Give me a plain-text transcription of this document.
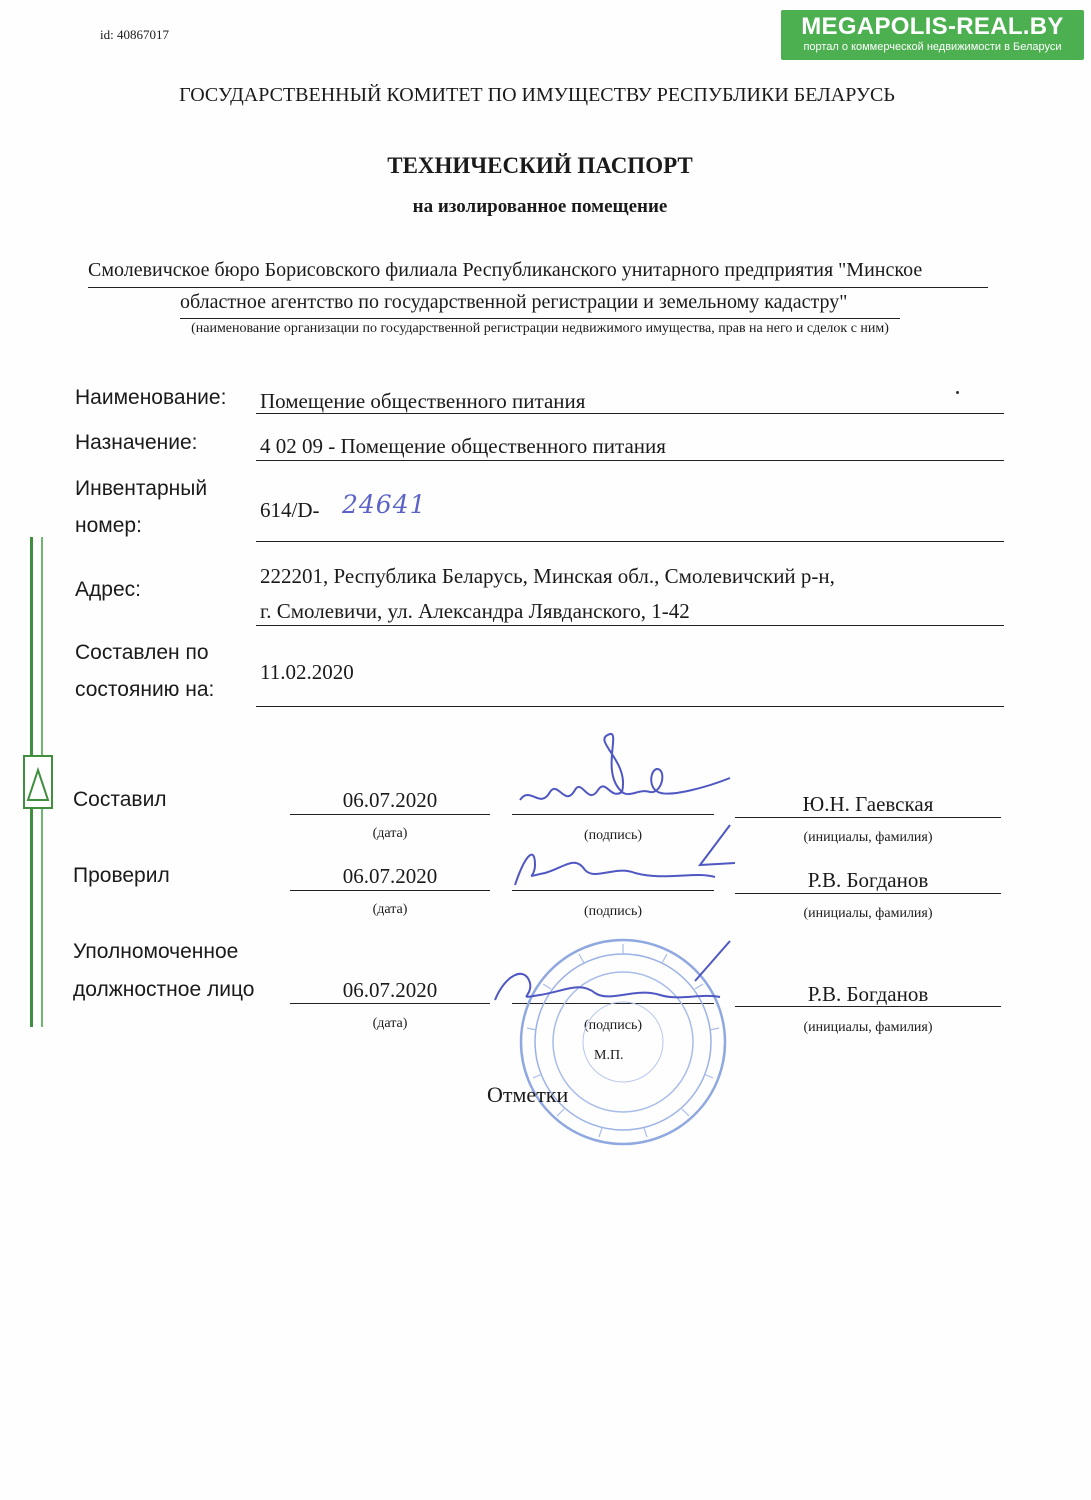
id: 40867017	MEGAPOLIS-REAL.BY
портал о коммерческой недвижимости в Беларуси
ГОСУДАРСТВЕННЫЙ КОМИТЕТ ПО ИМУЩЕСТВУ РЕСПУБЛИКИ БЕЛАРУСЬ
ТЕХНИЧЕСКИЙ ПАСПОРТ
на изолированное помещение
Смолевичское бюро Борисовского филиала Республиканского унитарного предприятия "Минское
областное агентство по государственной регистрации и земельному кадастру"
(наименование организации по государственной регистрации недвижимого имущества, прав на него и сделок с ним)
Наименование: Помещение общественного питания
Назначение:	4 02 09 - Помещение общественного питания
Инвентарный
номер:
614/D- 24641
Адрес:
222201, Республика Беларусь, Минская обл., Смолевичский р-н,
г. Смолевичи, ул. Александра Лявданского, 1-42
Составлен по
состоянию на:
11.02.2020
Составил	06.07.2020	Ю.Н. Гаевская
(дата)	(подпись)	(инициалы, фамилия)
Проверил	06.07.2020	Р.В. Богданов
(дата)	(подпись)	(инициалы, фамилия)
Уполномоченное
должностное лицо	06.07.2020	Р.В. Богданов
(дата)	(подпись)	(инициалы, фамилия)
М.П.
Отметки
